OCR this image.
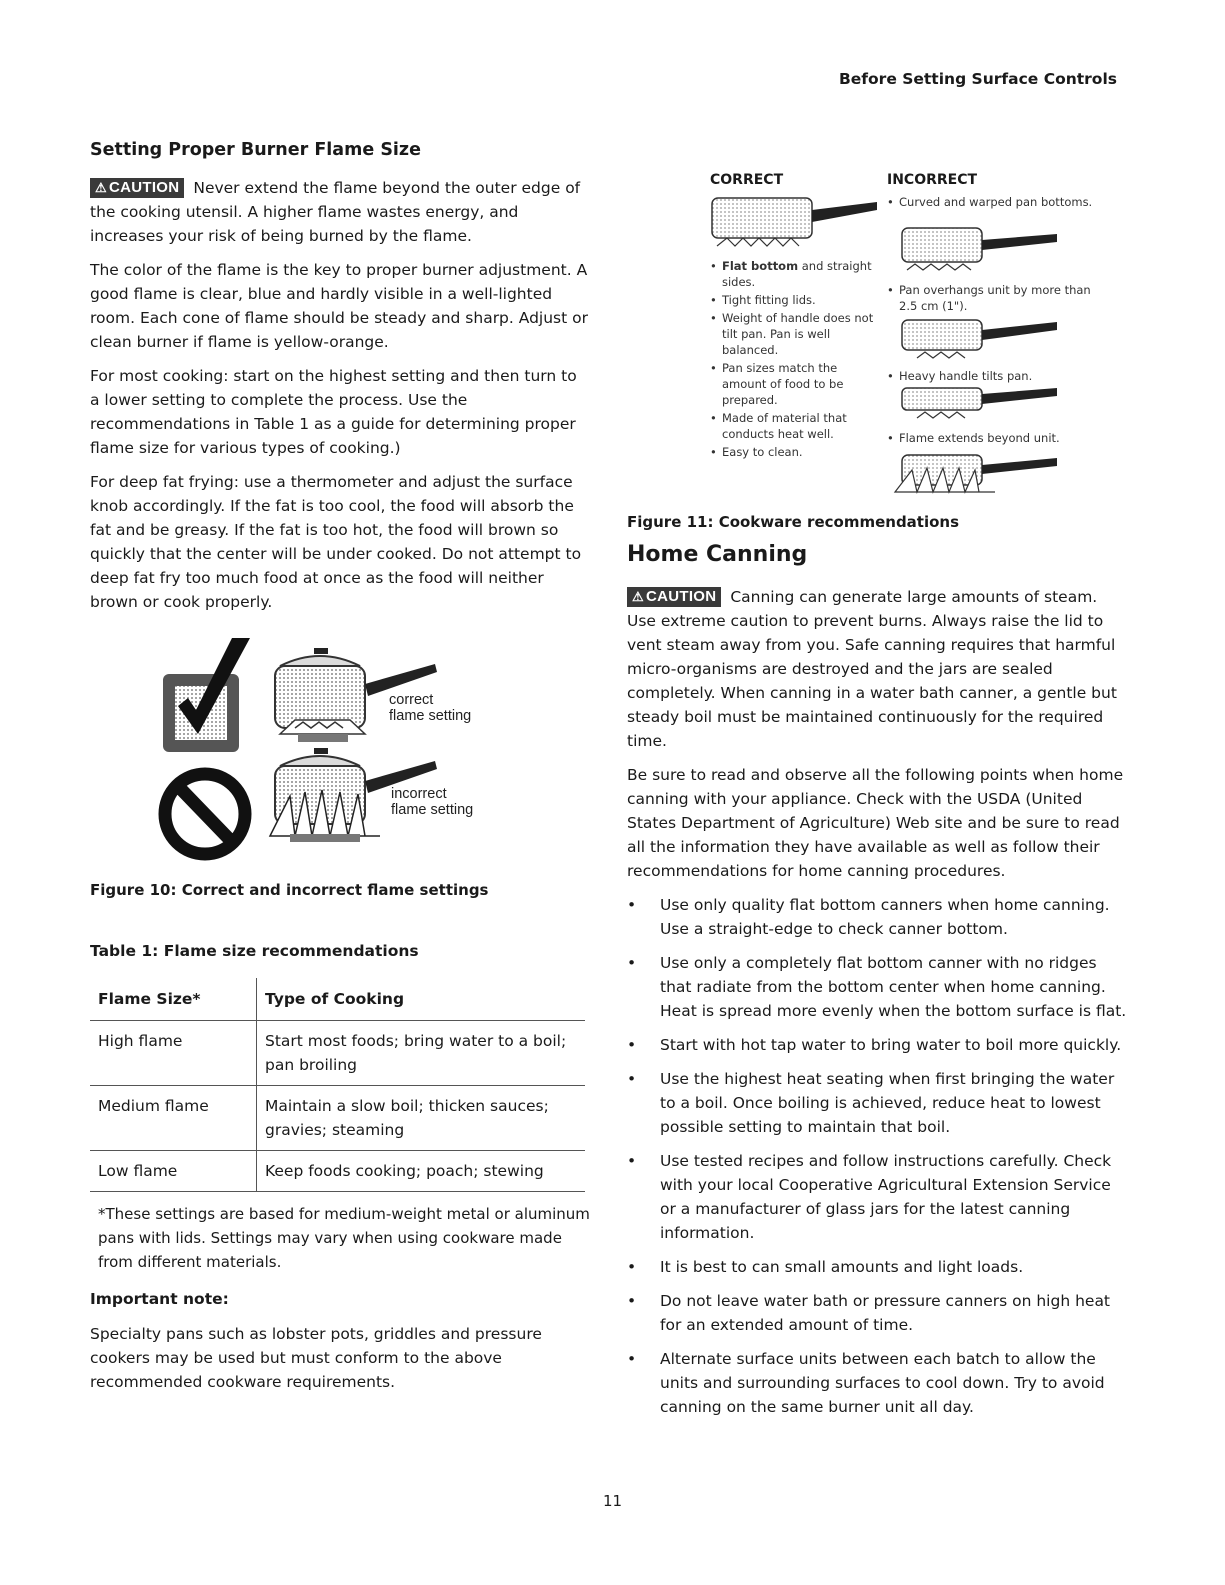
Before Setting Surface Controls
Setting Proper Burner Flame Size

⚠ CAUTION Never extend the flame beyond the outer edge of the cooking utensil. A higher flame wastes energy, and increases your risk of being burned by the flame.

The color of the flame is the key to proper burner adjustment. A good flame is clear, blue and hardly visible in a well-lighted room. Each cone of flame should be steady and sharp. Adjust or clean burner if flame is yellow-orange.

For most cooking: start on the highest setting and then turn to a lower setting to complete the process. Use the recommendations in Table 1 as a guide for determining proper flame size for various types of cooking.)

For deep fat frying: use a thermometer and adjust the surface knob accordingly. If the fat is too cool, the food will absorb the fat and be greasy. If the fat is too hot, the food will brown so quickly that the center will be under cooked. Do not attempt to deep fat fry too much food at once as the food will neither brown or cook properly.

correct
flame setting
incorrect
flame setting

Figure 10: Correct and incorrect flame settings

Table 1: Flame size recommendations
Flame Size*	Type of Cooking
High flame	Start most foods; bring water to a boil; pan broiling
Medium flame	Maintain a slow boil; thicken sauces; gravies; steaming
Low flame	Keep foods cooking; poach; stewing
*These settings are based for medium-weight metal or aluminum pans with lids. Settings may vary when using cookware made from different materials.
Important note:

Specialty pans such as lobster pots, griddles and pressure cookers may be used but must conform to the above recommended cookware requirements.

CORRECT	INCORRECT
• Flat bottom and straight sides.
• Tight fitting lids.
• Weight of handle does not tilt pan. Pan is well balanced.
• Pan sizes match the amount of food to be prepared.
• Made of material that conducts heat well.
• Easy to clean.
• Curved and warped pan bottoms.
• Pan overhangs unit by more than 2.5 cm (1").
• Heavy handle tilts pan.
• Flame extends beyond unit.

Figure 11: Cookware recommendations

Home Canning

⚠ CAUTION Canning can generate large amounts of steam. Use extreme caution to prevent burns. Always raise the lid to vent steam away from you. Safe canning requires that harmful micro-organisms are destroyed and the jars are sealed completely. When canning in a water bath canner, a gentle but steady boil must be maintained continuously for the required time.

Be sure to read and observe all the following points when home canning with your appliance. Check with the USDA (United States Department of Agriculture) Web site and be sure to read all the information they have available as well as follow their recommendations for home canning procedures.

• Use only quality flat bottom canners when home canning. Use a straight-edge to check canner bottom.
• Use only a completely flat bottom canner with no ridges that radiate from the bottom center when home canning. Heat is spread more evenly when the bottom surface is flat.
• Start with hot tap water to bring water to boil more quickly.
• Use the highest heat seating when first bringing the water to a boil. Once boiling is achieved, reduce heat to lowest possible setting to maintain that boil.
• Use tested recipes and follow instructions carefully. Check with your local Cooperative Agricultural Extension Service or a manufacturer of glass jars for the latest canning information.
• It is best to can small amounts and light loads.
• Do not leave water bath or pressure canners on high heat for an extended amount of time.
• Alternate surface units between each batch to allow the units and surrounding surfaces to cool down. Try to avoid canning on the same burner unit all day.
11
